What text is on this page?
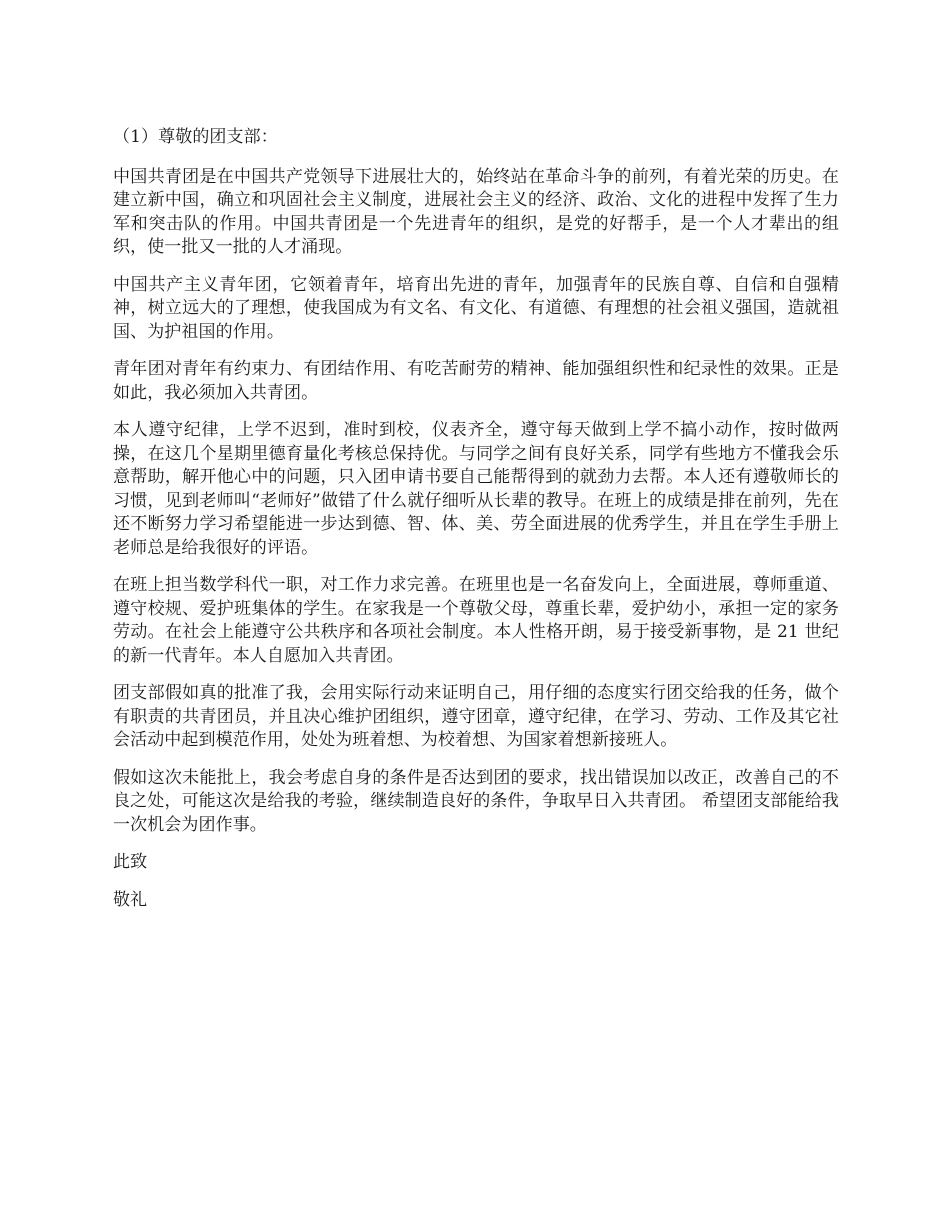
（1）尊敬的团支部：

中国共青团是在中国共产党领导下进展壮大的，始终站在革命斗争的前列，有着光荣的历史。在建立新中国，确立和巩固社会主义制度，进展社会主义的经济、政治、文化的进程中发挥了生力军和突击队的作用。中国共青团是一个先进青年的组织，是党的好帮手，是一个人才辈出的组织，使一批又一批的人才涌现。

中国共产主义青年团，它领着青年，培育出先进的青年，加强青年的民族自尊、自信和自强精神，树立远大的了理想，使我国成为有文名、有文化、有道德、有理想的社会祖义强国，造就祖国、为护祖国的作用。

青年团对青年有约束力、有团结作用、有吃苦耐劳的精神、能加强组织性和纪录性的效果。正是如此，我必须加入共青团。

本人遵守纪律，上学不迟到，准时到校，仪表齐全，遵守每天做到上学不搞小动作，按时做两操，在这几个星期里德育量化考核总保持优。与同学之间有良好关系，同学有些地方不懂我会乐意帮助，解开他心中的问题，只入团申请书要自己能帮得到的就劲力去帮。本人还有遵敬师长的习惯，见到老师叫“老师好”做错了什么就仔细听从长辈的教导。在班上的成绩是排在前列，先在还不断努力学习希望能进一步达到德、智、体、美、劳全面进展的优秀学生，并且在学生手册上老师总是给我很好的评语。

在班上担当数学科代一职，对工作力求完善。在班里也是一名奋发向上，全面进展，尊师重道、遵守校规、爱护班集体的学生。在家我是一个尊敬父母，尊重长辈，爱护幼小，承担一定的家务劳动。在社会上能遵守公共秩序和各项社会制度。本人性格开朗，易于接受新事物，是 21 世纪的新一代青年。本人自愿加入共青团。

团支部假如真的批准了我，会用实际行动来证明自己，用仔细的态度实行团交给我的任务，做个有职责的共青团员，并且决心维护团组织，遵守团章，遵守纪律，在学习、劳动、工作及其它社会活动中起到模范作用，处处为班着想、为校着想、为国家着想新接班人。

假如这次未能批上，我会考虑自身的条件是否达到团的要求，找出错误加以改正，改善自己的不良之处，可能这次是给我的考验，继续制造良好的条件，争取早日入共青团。 希望团支部能给我一次机会为团作事。

此致

敬礼
